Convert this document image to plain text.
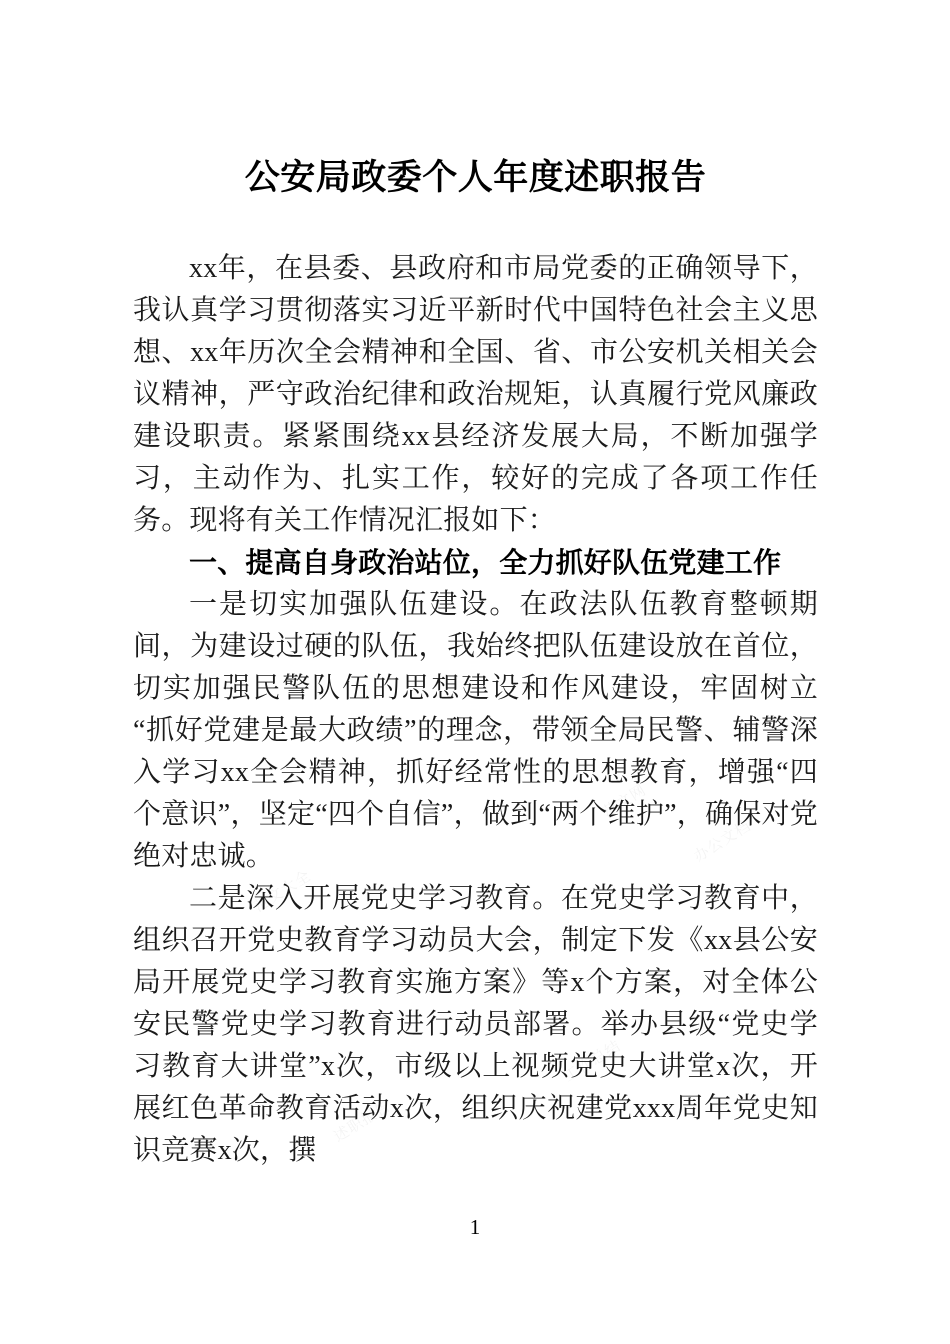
公安局政委个人年度述职报告

xx年，在县委、县政府和市局党委的正确领导下，我认真学习贯彻落实习近平新时代中国特色社会主义思想、xx年历次全会精神和全国、省、市公安机关相关会议精神，严守政治纪律和政治规矩，认真履行党风廉政建设职责。紧紧围绕xx县经济发展大局，不断加强学习，主动作为、扎实工作，较好的完成了各项工作任务。现将有关工作情况汇报如下：

一、提高自身政治站位，全力抓好队伍党建工作

一是切实加强队伍建设。在政法队伍教育整顿期间，为建设过硬的队伍，我始终把队伍建设放在首位，切实加强民警队伍的思想建设和作风建设，牢固树立“抓好党建是最大政绩”的理念，带领全局民警、辅警深入学习xx全会精神，抓好经常性的思想教育，增强“四个意识”，坚定“四个自信”，做到“两个维护”，确保对党绝对忠诚。

二是深入开展党史学习教育。在党史学习教育中，组织召开党史教育学习动员大会，制定下发《xx县公安局开展党史学习教育实施方案》等x个方案，对全体公安民警党史学习教育进行动员部署。举办县级“党史学习教育大讲堂”x次，市级以上视频党史大讲堂x次，开展红色革命教育活动x次，组织庆祝建党xxx周年党史知识竞赛x次，撰

1
